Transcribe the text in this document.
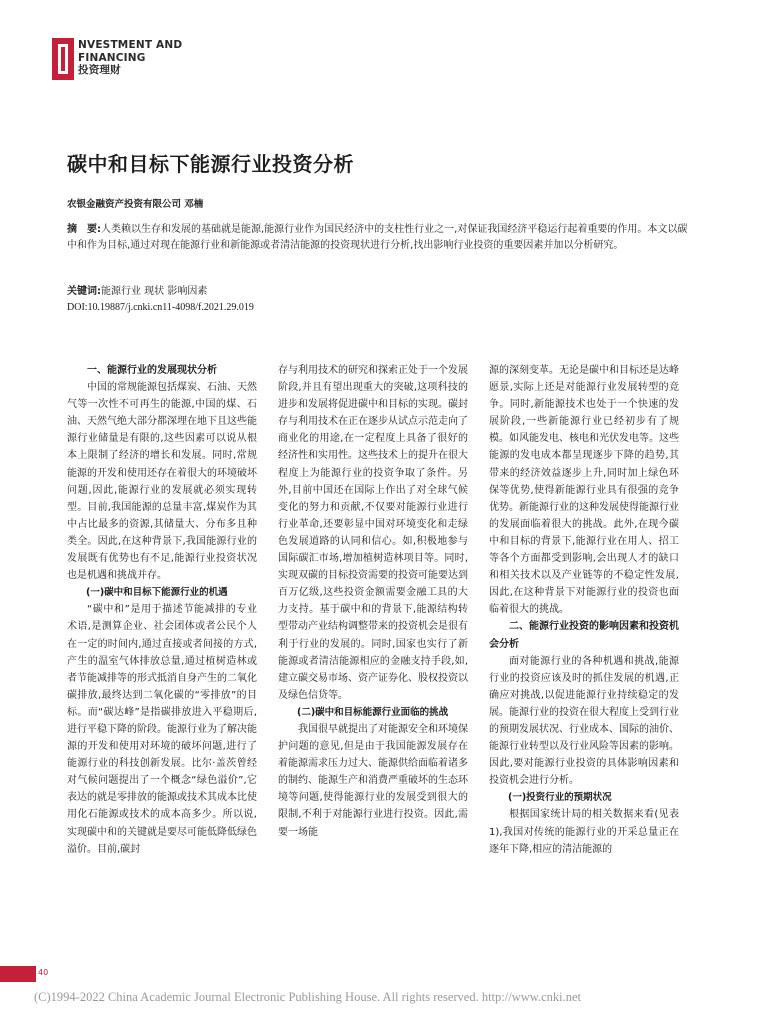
NVESTMENT AND
FINANCING
投资理财
碳中和目标下能源行业投资分析
农银金融资产投资有限公司 邓楠
摘　要:人类赖以生存和发展的基础就是能源,能源行业作为国民经济中的支柱性行业之一,对保证我国经济平稳运行起着重要的作用。本文以碳中和作为目标,通过对现在能源行业和新能源或者清洁能源的投资现状进行分析,找出影响行业投资的重要因素并加以分析研究。
关键词:能源行业 现状 影响因素
DOI:10.19887/j.cnki.cn11-4098/f.2021.29.019

一、能源行业的发展现状分析

中国的常规能源包括煤炭、石油、天然气等一次性不可再生的能源,中国的煤、石油、天然气绝大部分都深埋在地下且这些能源行业储量是有限的,这些因素可以说从根本上限制了经济的增长和发展。同时,常规能源的开发和使用还存在着很大的环境破坏问题,因此,能源行业的发展就必须实现转型。目前,我国能源的总量丰富,煤炭作为其中占比最多的资源,其储量大、分布多且种类全。因此,在这种背景下,我国能源行业的发展既有优势也有不足,能源行业投资状况也是机遇和挑战并存。

(一)碳中和目标下能源行业的机遇

“碳中和”是用于描述节能减排的专业术语,是测算企业、社会团体或者公民个人在一定的时间内,通过直接或者间接的方式,产生的温室气体排放总量,通过植树造林或者节能减排等的形式抵消自身产生的二氧化碳排放,最终达到二氧化碳的“零排放”的目标。而“碳达峰”是指碳排放进入平稳期后,进行平稳下降的阶段。能源行业为了解决能源的开发和使用对环境的破坏问题,进行了能源行业的科技创新发展。比尔·盖茨曾经对气候问题提出了一个概念“绿色溢价”,它表达的就是零排放的能源或技术其成本比使用化石能源或技术的成本高多少。所以说,实现碳中和的关键就是要尽可能低降低绿色溢价。目前,碳封

存与利用技术的研究和探索正处于一个发展阶段,并且有望出现重大的突破,这项科技的进步和发展将促进碳中和目标的实现。碳封存与利用技术在正在逐步从试点示范走向了商业化的用途,在一定程度上具备了很好的经济性和实用性。这些技术上的提升在很大程度上为能源行业的投资争取了条件。另外,目前中国还在国际上作出了对全球气候变化的努力和贡献,不仅要对能源行业进行行业革命,还要彰显中国对环境变化和走绿色发展道路的认同和信心。如,积极地参与国际碳汇市场,增加植树造林项目等。同时,实现双碳的目标投资需要的投资可能要达到百万亿级,这些投资金额需要金融工具的大力支持。基于碳中和的背景下,能源结构转型带动产业结构调整带来的投资机会是很有利于行业的发展的。同时,国家也实行了新能源或者清洁能源相应的金融支持手段,如,建立碳交易市场、资产证券化、股权投资以及绿色信贷等。

(二)碳中和目标能源行业面临的挑战

我国很早就提出了对能源安全和环境保护问题的意见,但是由于我国能源发展存在着能源需求压力过大、能源供给面临着诸多的制约、能源生产和消费严重破坏的生态环境等问题,使得能源行业的发展受到很大的限制,不利于对能源行业进行投资。因此,需要一场能

源的深刻变革。无论是碳中和目标还是达峰愿景,实际上还是对能源行业发展转型的竞争。同时,新能源技术也处于一个快速的发展阶段,一些新能源行业已经初步有了规模。如风能发电、核电和光伏发电等。这些能源的发电成本都呈现逐步下降的趋势,其带来的经济效益逐步上升,同时加上绿色环保等优势,使得新能源行业具有很强的竞争优势。新能源行业的这种发展使得能源行业的发展面临着很大的挑战。此外,在现今碳中和目标的背景下,能源行业在用人、招工等各个方面都受到影响,会出现人才的缺口和相关技术以及产业链等的不稳定性发展,因此,在这种背景下对能源行业的投资也面临着很大的挑战。

二、能源行业投资的影响因素和投资机会分析

面对能源行业的各种机遇和挑战,能源行业的投资应该及时的抓住发展的机遇,正确应对挑战,以促进能源行业持续稳定的发展。能源行业的投资在很大程度上受到行业的预期发展状况、行业成本、国际的油价、能源行业转型以及行业风险等因素的影响。因此,要对能源行业投资的具体影响因素和投资机会进行分析。

(一)投资行业的预期状况

根据国家统计局的相关数据来看(见表1),我国对传统的能源行业的开采总量正在逐年下降,相应的清洁能源的

40
(C)1994-2022 China Academic Journal Electronic Publishing House. All rights reserved. http://www.cnki.net
